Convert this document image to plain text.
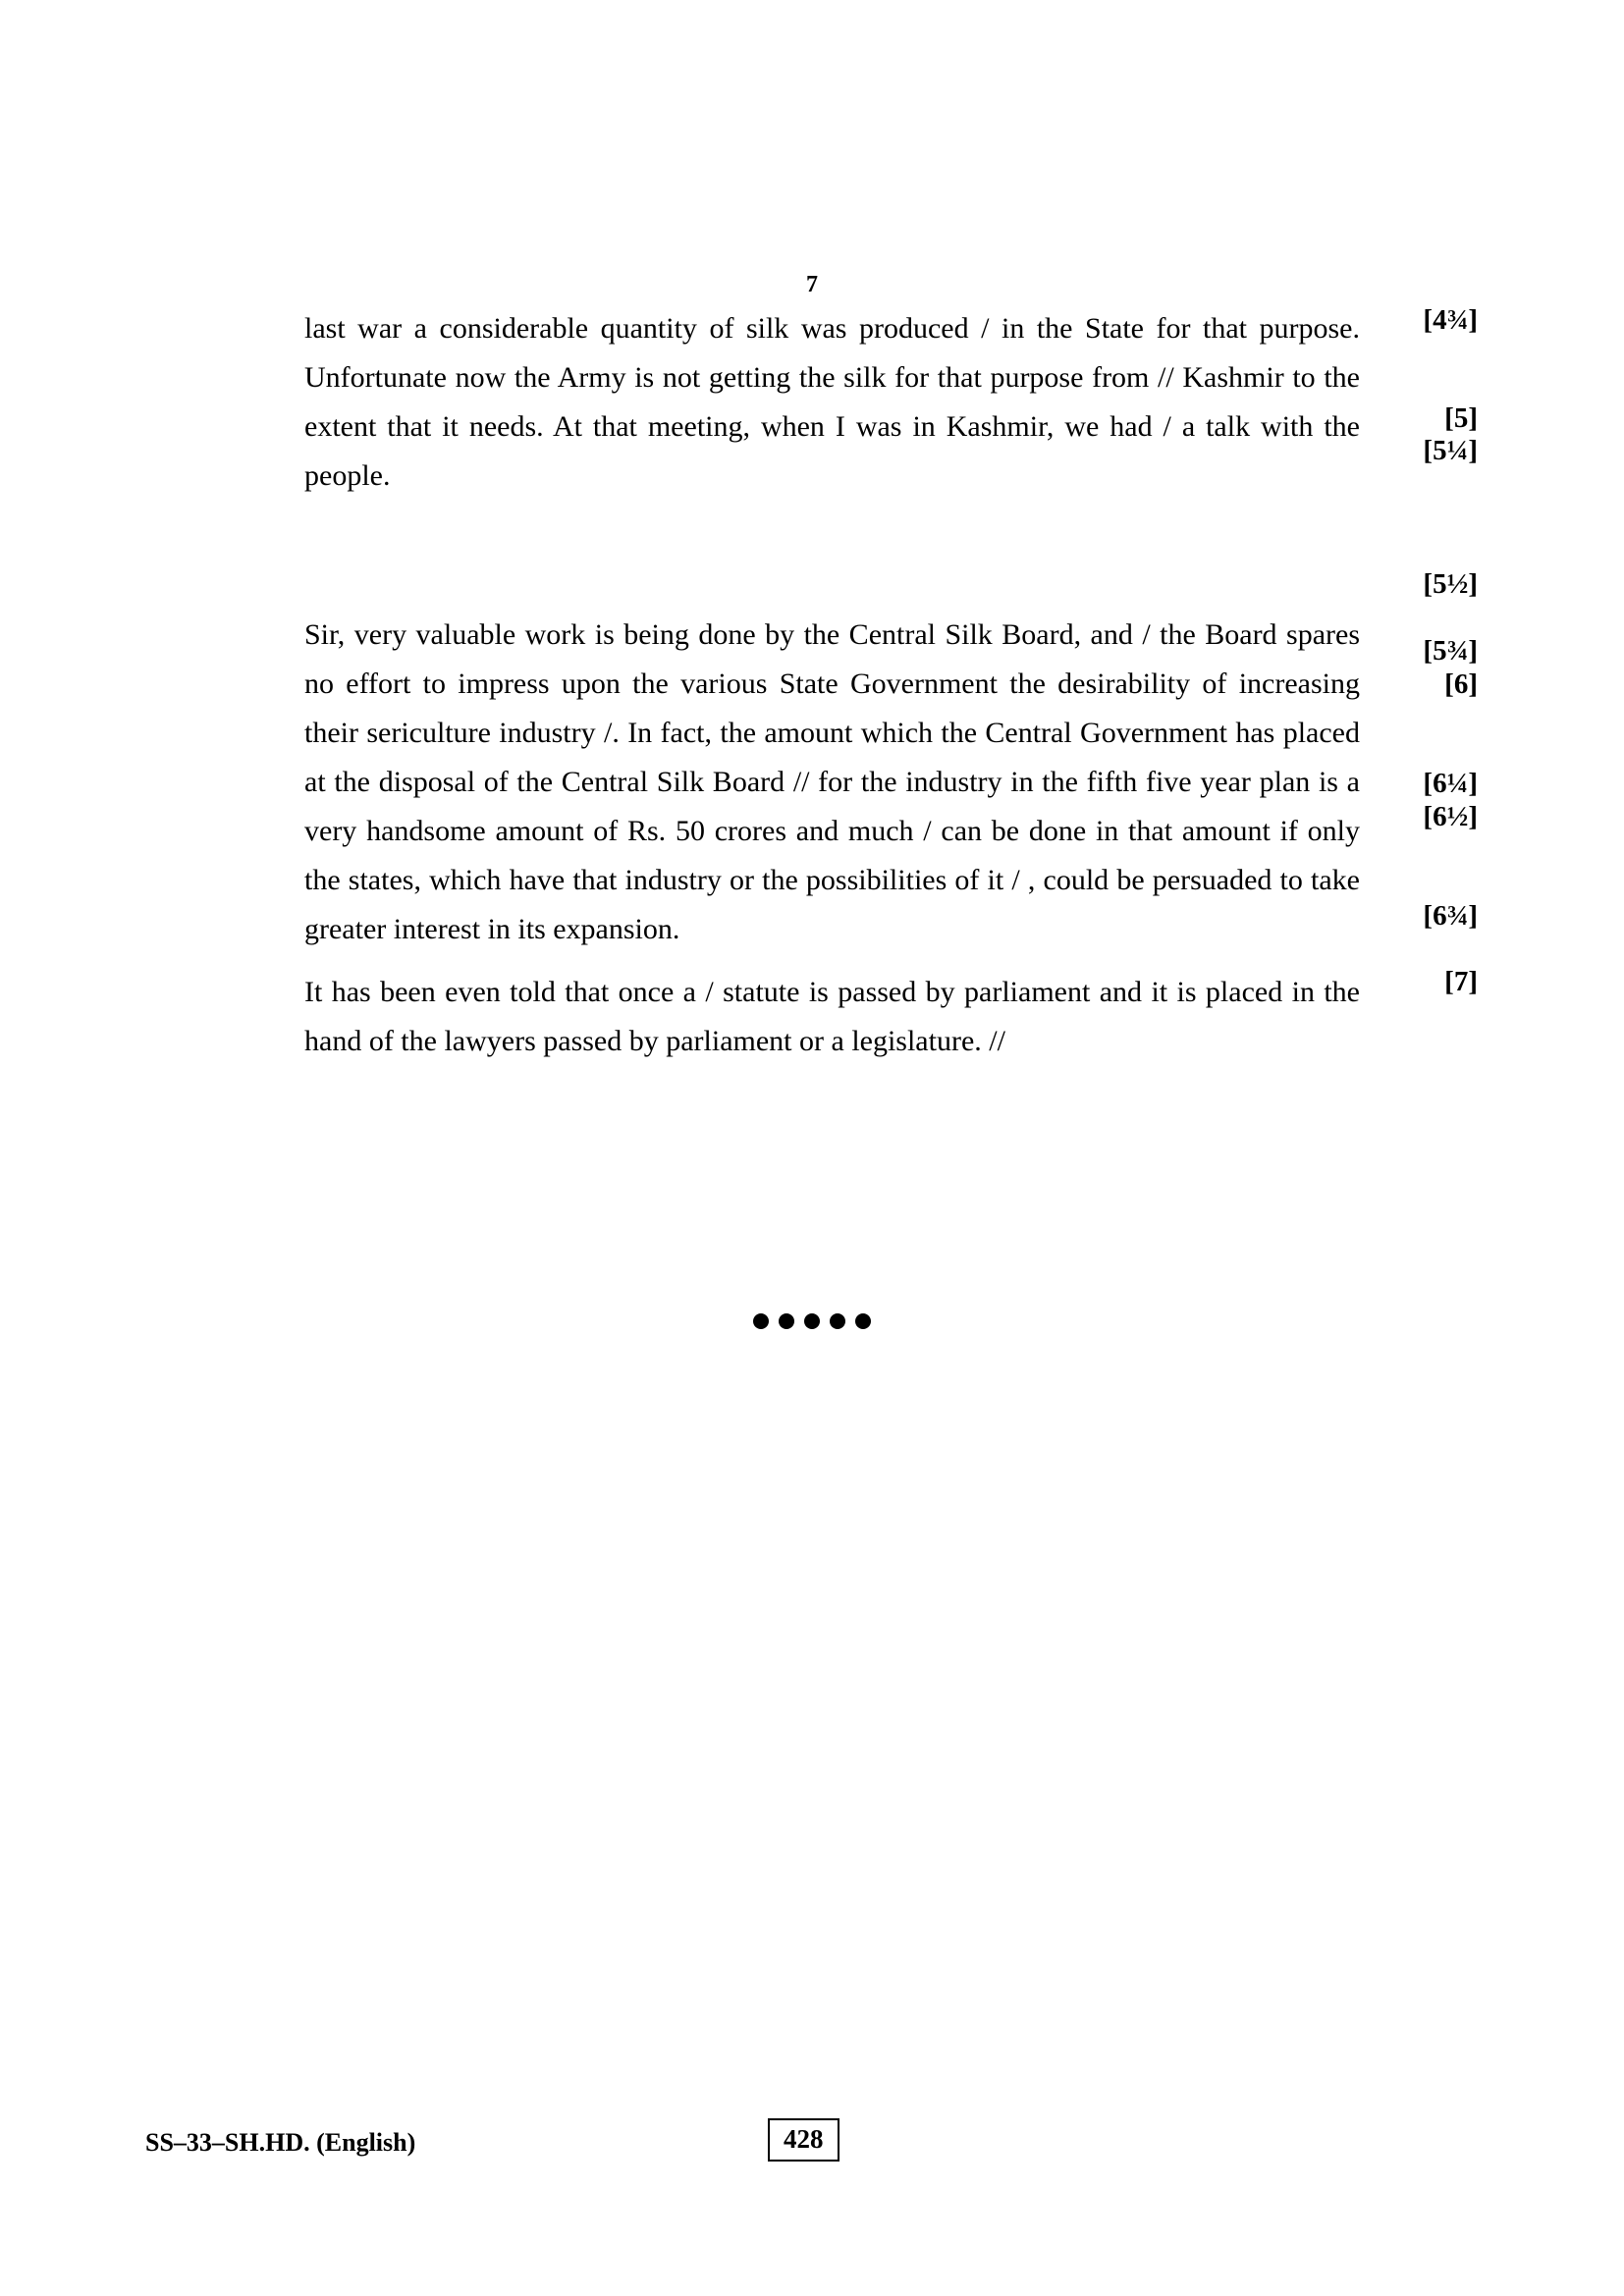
7

last war a considerable quantity of silk was produced / in the State for that purpose. Unfortunate now the Army is not getting the silk for that purpose from // Kashmir to the extent that it needs. At that meeting, when I was in Kashmir, we had / a talk with the people.

Sir, very valuable work is being done by the Central Silk Board, and / the Board spares no effort to impress upon the various State Government the desirability of increasing their sericulture industry /. In fact, the amount which the Central Government has placed at the disposal of the Central Silk Board // for the industry in the fifth five year plan is a very handsome amount of Rs. 50 crores and much / can be done in that amount if only the states, which have that industry or the possibilities of it / , could be persuaded to take greater interest in its expansion.

It has been even told that once a / statute is passed by parliament and it is placed in the hand of the lawyers passed by parliament or a legislature. //

[4¾]
[5]
[5¼]
[5½]
[5¾]
[6]
[6¼]
[6½]
[6¾]
[7]
SS–33–SH.HD. (English)	428
